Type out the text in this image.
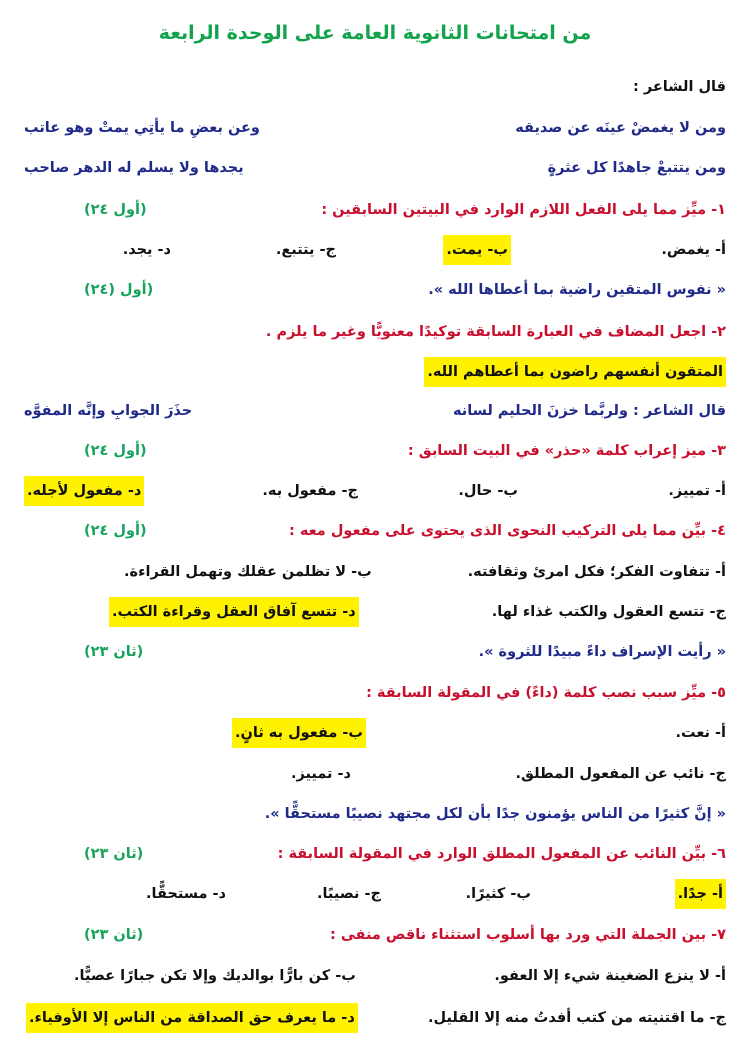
من امتحانات الثانوية العامة على الوحدة الرابعة
قال الشاعر :
ومن لا يغمضْ عينَه عن صديقه
وعن بعضِ ما يأتِي يمتْ وهو عاتب
ومن يتتبعْ جاهدًا كل عثرةٍ
يجدها ولا يسلم له الدهر صاحب
١- ميِّز مما يلى الفعل اللازم الوارد في البيتين السابقين :
(أول ٢٤)
أ- يغمض.
ب- يمت.
ج- يتتبع.
د- يجد.
« نفوس المتقين راضية بما أعطاها الله ».
(أول (٢٤)
٢- اجعل المضاف في العبارة السابقة توكيدًا معنويًّا وغير ما يلزم .
المتقون أنفسهم راضون بما أعطاهم الله.
قال الشاعر : ولربَّما خزنَ الحليم لسانه
حذَرَ الجوابِ وإنَّه المفوَّه
٣- ميز إعراب كلمة «حذر» في البيت السابق :
(أول ٢٤)
أ- تمييز.
ب- حال.
ج- مفعول به.
د- مفعول لأجله.
٤- بيِّن مما يلى التركيب النحوى الذى يحتوى على مفعول معه :
(أول ٢٤)
أ- تتفاوت الفكر؛ فكل امرئ وثقافته.
ب- لا تظلمن عقلك وتهمل القراءة.
ج- تتسع العقول والكتب غذاء لها.
د- تتسع آفاق العقل وقراءة الكتب.
« رأيت الإسراف داءً مبيدًا للثروة ».
(ثان ٢٣)
٥- ميِّز سبب نصب كلمة (داءً) في المقولة السابقة :
أ- نعت.
ب- مفعول به ثانٍ.
ج- نائب عن المفعول المطلق.
د- تمييز.
« إنَّ كثيرًا من الناس يؤمنون جدًا بأن لكل مجتهد نصيبًا مستحقًّا ».
٦- بيِّن النائب عن المفعول المطلق الوارد في المقولة السابقة :
(ثان ٢٣)
أ- جدًا.
ب- كثيرًا.
ج- نصيبًا.
د- مستحقًّا.
٧- بين الجملة التي ورد بها أسلوب استثناء ناقص منفى :
(ثان ٢٣)
أ- لا ينزع الضغينة شيء إلا العفو.
ب- كن بارًّا بوالديك وإلا تكن جبارًا عصيًّا.
ج- ما اقتنيته من كتب أفدتُ منه إلا القليل.
د- ما يعرف حق الصداقة من الناس إلا الأوفياء.
